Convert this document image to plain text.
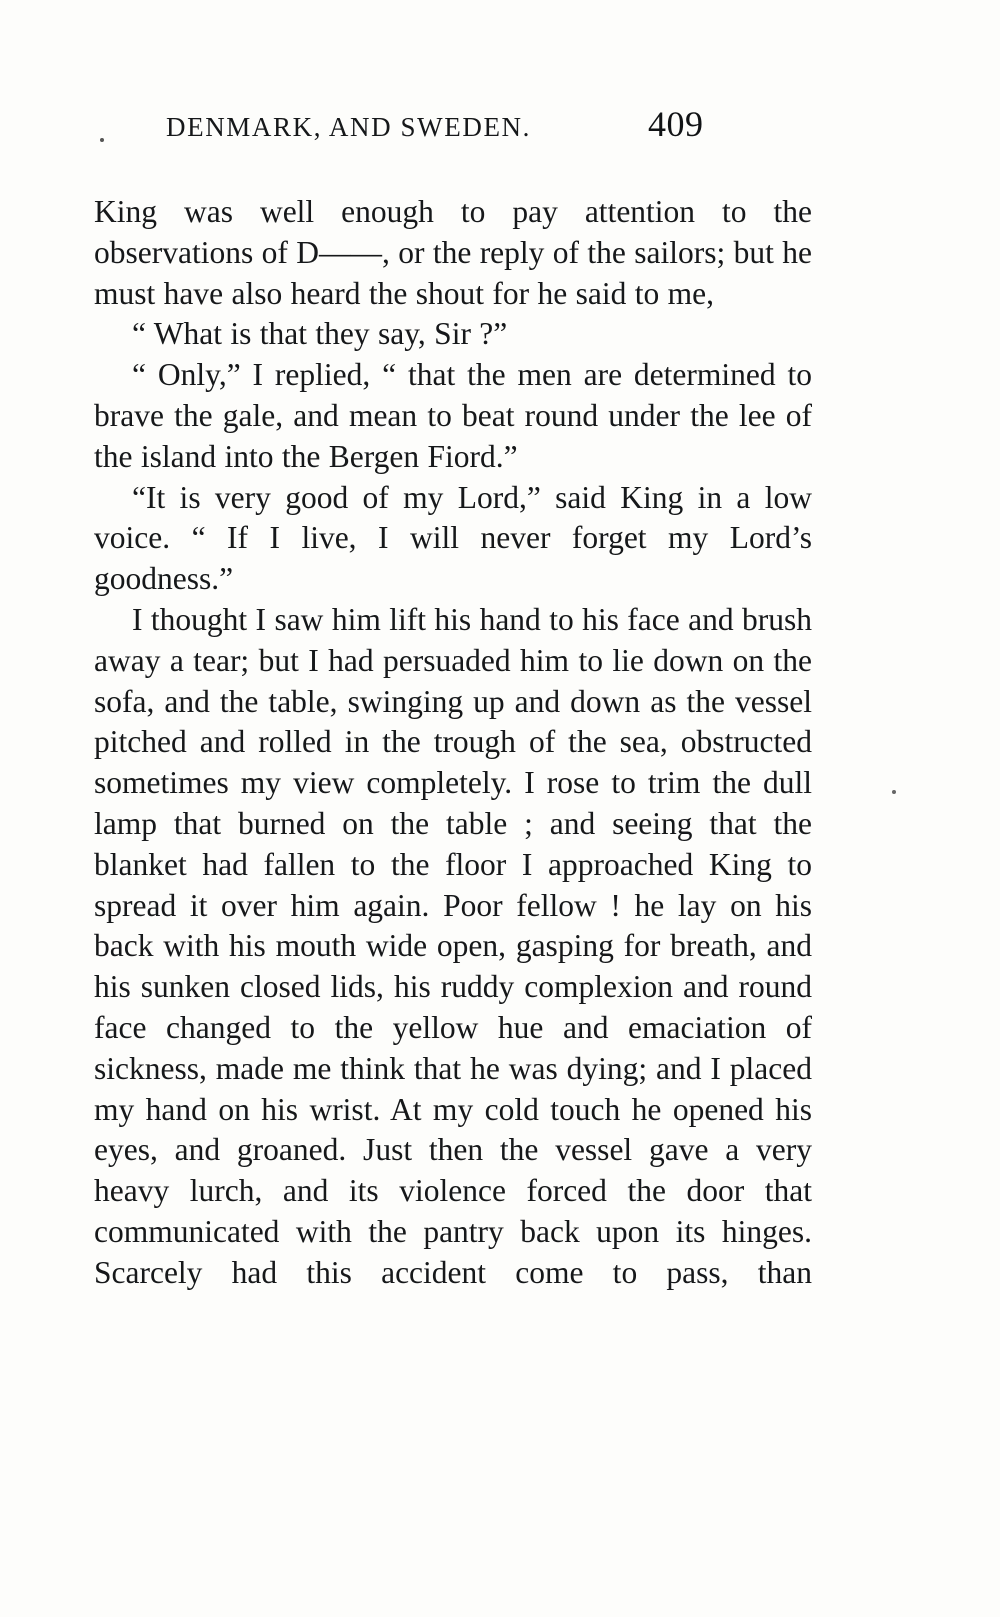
DENMARK, AND SWEDEN.	409

King was well enough to pay attention to the observations of D——, or the reply of the sailors; but he must have also heard the shout for he said to me,

“ What is that they say, Sir ?”

“ Only,” I replied, “ that the men are determined to brave the gale, and mean to beat round under the lee of the island into the Bergen Fiord.”

“It is very good of my Lord,” said King in a low voice. “ If I live, I will never forget my Lord’s goodness.”

I thought I saw him lift his hand to his face and brush away a tear; but I had persuaded him to lie down on the sofa, and the table, swinging up and down as the vessel pitched and rolled in the trough of the sea, obstructed sometimes my view completely. I rose to trim the dull lamp that burned on the table ; and seeing that the blanket had fallen to the floor I approached King to spread it over him again. Poor fellow ! he lay on his back with his mouth wide open, gasping for breath, and his sunken closed lids, his ruddy complexion and round face changed to the yellow hue and emaciation of sickness, made me think that he was dying; and I placed my hand on his wrist. At my cold touch he opened his eyes, and groaned. Just then the vessel gave a very heavy lurch, and its violence forced the door that communicated with the pantry back upon its hinges. Scarcely had this accident come to pass, than
